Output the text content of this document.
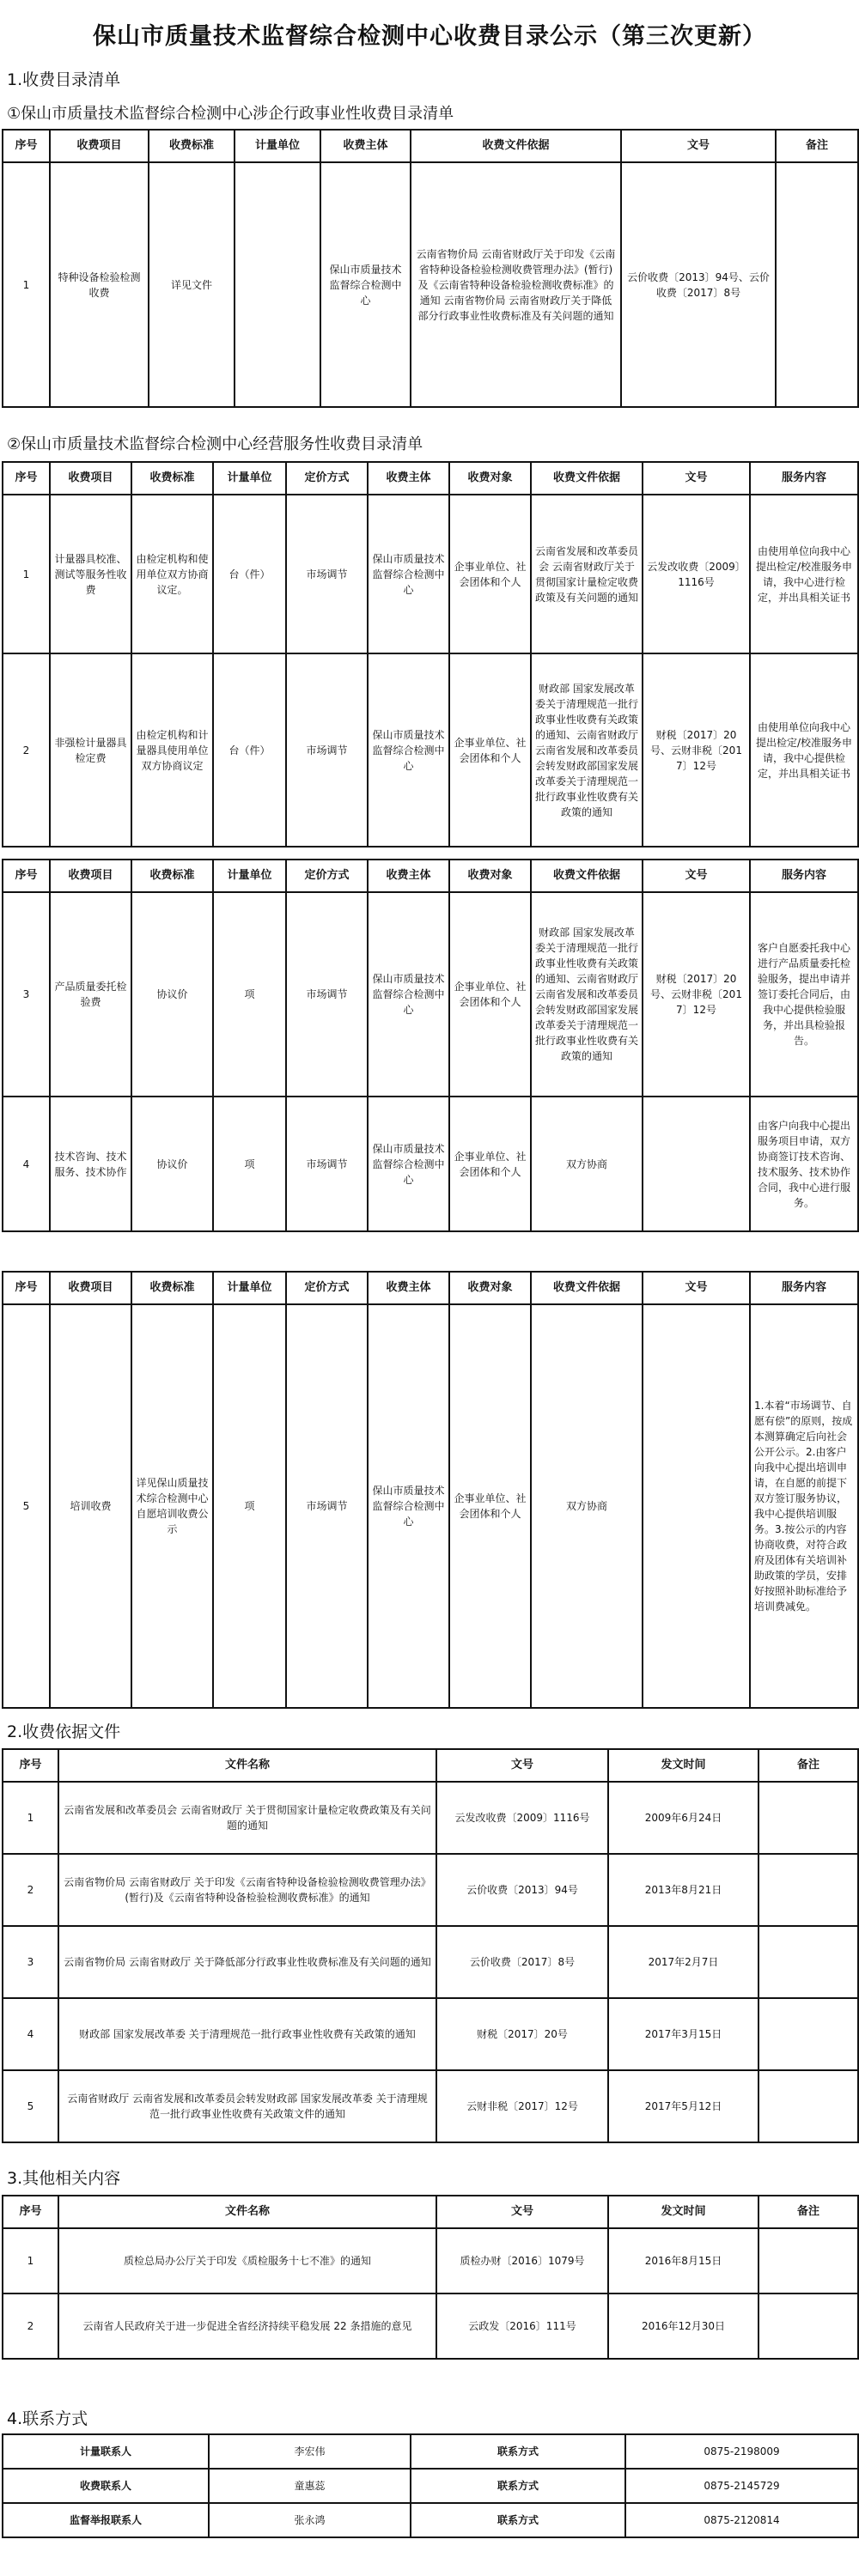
保山市质量技术监督综合检测中心收费目录公示（第三次更新）
1.收费目录清单
①保山市质量技术监督综合检测中心涉企行政事业性收费目录清单
序号	收费项目	收费标准	计量单位	收费主体	收费文件依据	文号	备注
1	特种设备检验检测收费	详见文件		保山市质量技术监督综合检测中心	云南省物价局 云南省财政厅关于印发《云南省特种设备检验检测收费管理办法》(暂行)及《云南省特种设备检验检测收费标准》的通知 云南省物价局 云南省财政厅关于降低部分行政事业性收费标准及有关问题的通知	云价收费〔2013〕94号、云价收费〔2017〕8号	
②保山市质量技术监督综合检测中心经营服务性收费目录清单
序号	收费项目	收费标准	计量单位	定价方式	收费主体	收费对象	收费文件依据	文号	服务内容
1	计量器具校准、测试等服务性收费	由检定机构和使用单位双方协商议定。	台（件）	市场调节	保山市质量技术监督综合检测中心	企事业单位、社会团体和个人	云南省发展和改革委员会 云南省财政厅关于贯彻国家计量检定收费政策及有关问题的通知	云发改收费〔2009〕1116号	由使用单位向我中心提出检定/校准服务申请，我中心进行检定，并出具相关证书
2	非强检计量器具检定费	由检定机构和计量器具使用单位双方协商议定	台（件）	市场调节	保山市质量技术监督综合检测中心	企事业单位、社会团体和个人	财政部 国家发展改革委关于清理规范一批行政事业性收费有关政策的通知、云南省财政厅 云南省发展和改革委员会转发财政部国家发展改革委关于清理规范一批行政事业性收费有关政策的通知	财税〔2017〕20号、云财非税〔2017〕12号	由使用单位向我中心提出检定/校准服务申请，我中心提供检定，并出具相关证书
序号	收费项目	收费标准	计量单位	定价方式	收费主体	收费对象	收费文件依据	文号	服务内容
3	产品质量委托检验费	协议价	项	市场调节	保山市质量技术监督综合检测中心	企事业单位、社会团体和个人	财政部 国家发展改革委关于清理规范一批行政事业性收费有关政策的通知、云南省财政厅 云南省发展和改革委员会转发财政部国家发展改革委关于清理规范一批行政事业性收费有关政策的通知	财税〔2017〕20号、云财非税〔2017〕12号	客户自愿委托我中心进行产品质量委托检验服务，提出申请并签订委托合同后，由我中心提供检验服务，并出具检验报告。
4	技术咨询、技术服务、技术协作	协议价	项	市场调节	保山市质量技术监督综合检测中心	企事业单位、社会团体和个人	双方协商		由客户向我中心提出服务项目申请，双方协商签订技术咨询、技术服务、技术协作合同，我中心进行服务。
序号	收费项目	收费标准	计量单位	定价方式	收费主体	收费对象	收费文件依据	文号	服务内容
5	培训收费	详见保山质量技术综合检测中心自愿培训收费公示	项	市场调节	保山市质量技术监督综合检测中心	企事业单位、社会团体和个人	双方协商		1.本着“市场调节、自愿有偿”的原则，按成本测算确定后向社会公开公示。2.由客户向我中心提出培训申请，在自愿的前提下双方签订服务协议，我中心提供培训服务。3.按公示的内容协商收费，对符合政府及团体有关培训补助政策的学员，安排好按照补助标准给予培训费减免。
2.收费依据文件
序号	文件名称	文号	发文时间	备注
1	云南省发展和改革委员会 云南省财政厅 关于贯彻国家计量检定收费政策及有关问题的通知	云发改收费〔2009〕1116号	2009年6月24日	
2	云南省物价局 云南省财政厅 关于印发《云南省特种设备检验检测收费管理办法》(暂行)及《云南省特种设备检验检测收费标准》的通知	云价收费〔2013〕94号	2013年8月21日	
3	云南省物价局 云南省财政厅 关于降低部分行政事业性收费标准及有关问题的通知	云价收费〔2017〕8号	2017年2月7日	
4	财政部 国家发展改革委 关于清理规范一批行政事业性收费有关政策的通知	财税〔2017〕20号	2017年3月15日	
5	云南省财政厅 云南省发展和改革委员会转发财政部 国家发展改革委 关于清理规范一批行政事业性收费有关政策文件的通知	云财非税〔2017〕12号	2017年5月12日	
3.其他相关内容
序号	文件名称	文号	发文时间	备注
1	质检总局办公厅关于印发《质检服务十七不准》的通知	质检办财〔2016〕1079号	2016年8月15日	
2	云南省人民政府关于进一步促进全省经济持续平稳发展 22 条措施的意见	云政发〔2016〕111号	2016年12月30日	
4.联系方式
计量联系人	李宏伟	联系方式	0875-2198009
收费联系人	童惠蕊	联系方式	0875-2145729
监督举报联系人	张永鸿	联系方式	0875-2120814
